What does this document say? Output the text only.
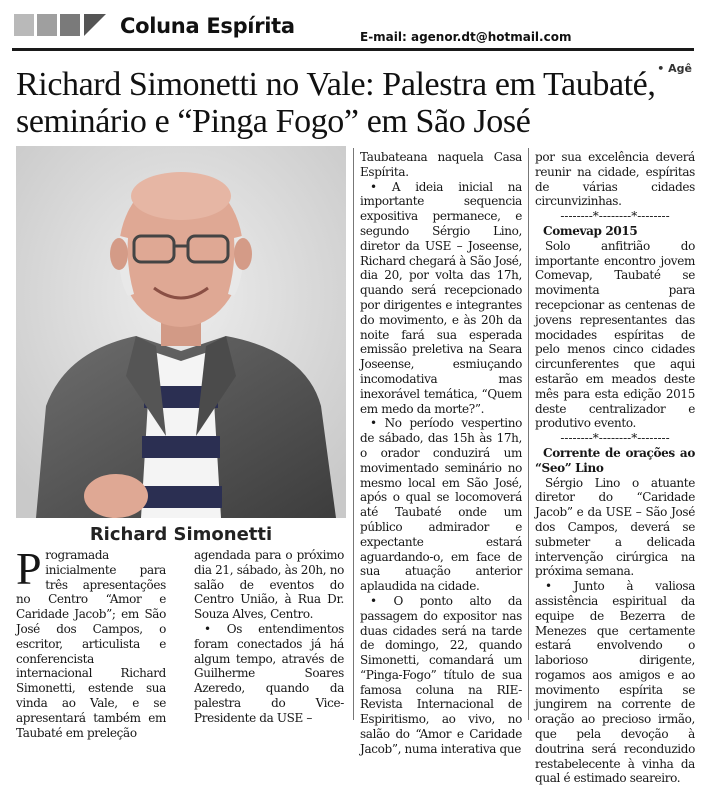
Coluna Espírita	E-mail: agenor.dt@hotmail.com
• Agê
Richard Simonetti no Vale: Palestra em Taubaté, seminário e “Pinga Fogo” em São José
Richard Simonetti

Programada inicialmente para três apresentações no Centro “Amor e Caridade Jacob”; em São José dos Campos, o escritor, articulista e conferencista internacional Richard Simonetti, estende sua vinda ao Vale, e se apresentará também em Taubaté em preleção

agendada para o próximo dia 21, sábado, às 20h, no salão de eventos do Centro União, à Rua Dr. Souza Alves, Centro.

• Os entendimentos foram conectados já há algum tempo, através de Guilherme Soares Azeredo, quando da palestra do Vice-Presidente da USE –

Taubateana naquela Casa Espírita.

• A ideia inicial na importante sequencia expositiva permanece, e segundo Sérgio Lino, diretor da USE – Joseense, Richard chegará à São José, dia 20, por volta das 17h, quando será recepcionado por dirigentes e integrantes do movimento, e às 20h da noite fará sua esperada emissão preletiva na Seara Joseense, esmiuçando incomodativa mas inexorável temática, “Quem em medo da morte?”.

• No período vespertino de sábado, das 15h às 17h, o orador conduzirá um movimentado seminário no mesmo local em São José, após o qual se locomoverá até Taubaté onde um público admirador e expectante estará aguardando-o, em face de sua atuação anterior aplaudida na cidade.

• O ponto alto da passagem do expositor nas duas cidades será na tarde de domingo, 22, quando Simonetti, comandará um “Pinga-Fogo” título de sua famosa coluna na RIE- Revista Internacional de Espiritismo, ao vivo, no salão do “Amor e Caridade Jacob”, numa interativa que

por sua excelência deverá reunir na cidade, espíritas de várias cidades circunvizinhas.

--------*--------*--------

Comevap 2015

Solo anfitrião do importante encontro jovem Comevap, Taubaté se movimenta para recepcionar as centenas de jovens representantes das mocidades espíritas de pelo menos cinco cidades circunferentes que aqui estarão em meados deste mês para esta edição 2015 deste centralizador e produtivo evento.

--------*--------*--------

Corrente de orações ao “Seo” Lino

Sérgio Lino o atuante diretor do “Caridade Jacob” e da USE – São José dos Campos, deverá se submeter a delicada intervenção cirúrgica na próxima semana.

• Junto à valiosa assistência espiritual da equipe de Bezerra de Menezes que certamente estará envolvendo o laborioso dirigente, rogamos aos amigos e ao movimento espírita se jungirem na corrente de oração ao precioso irmão, que pela devoção à doutrina será reconduzido restabelecente à vinha da qual é estimado seareiro.
